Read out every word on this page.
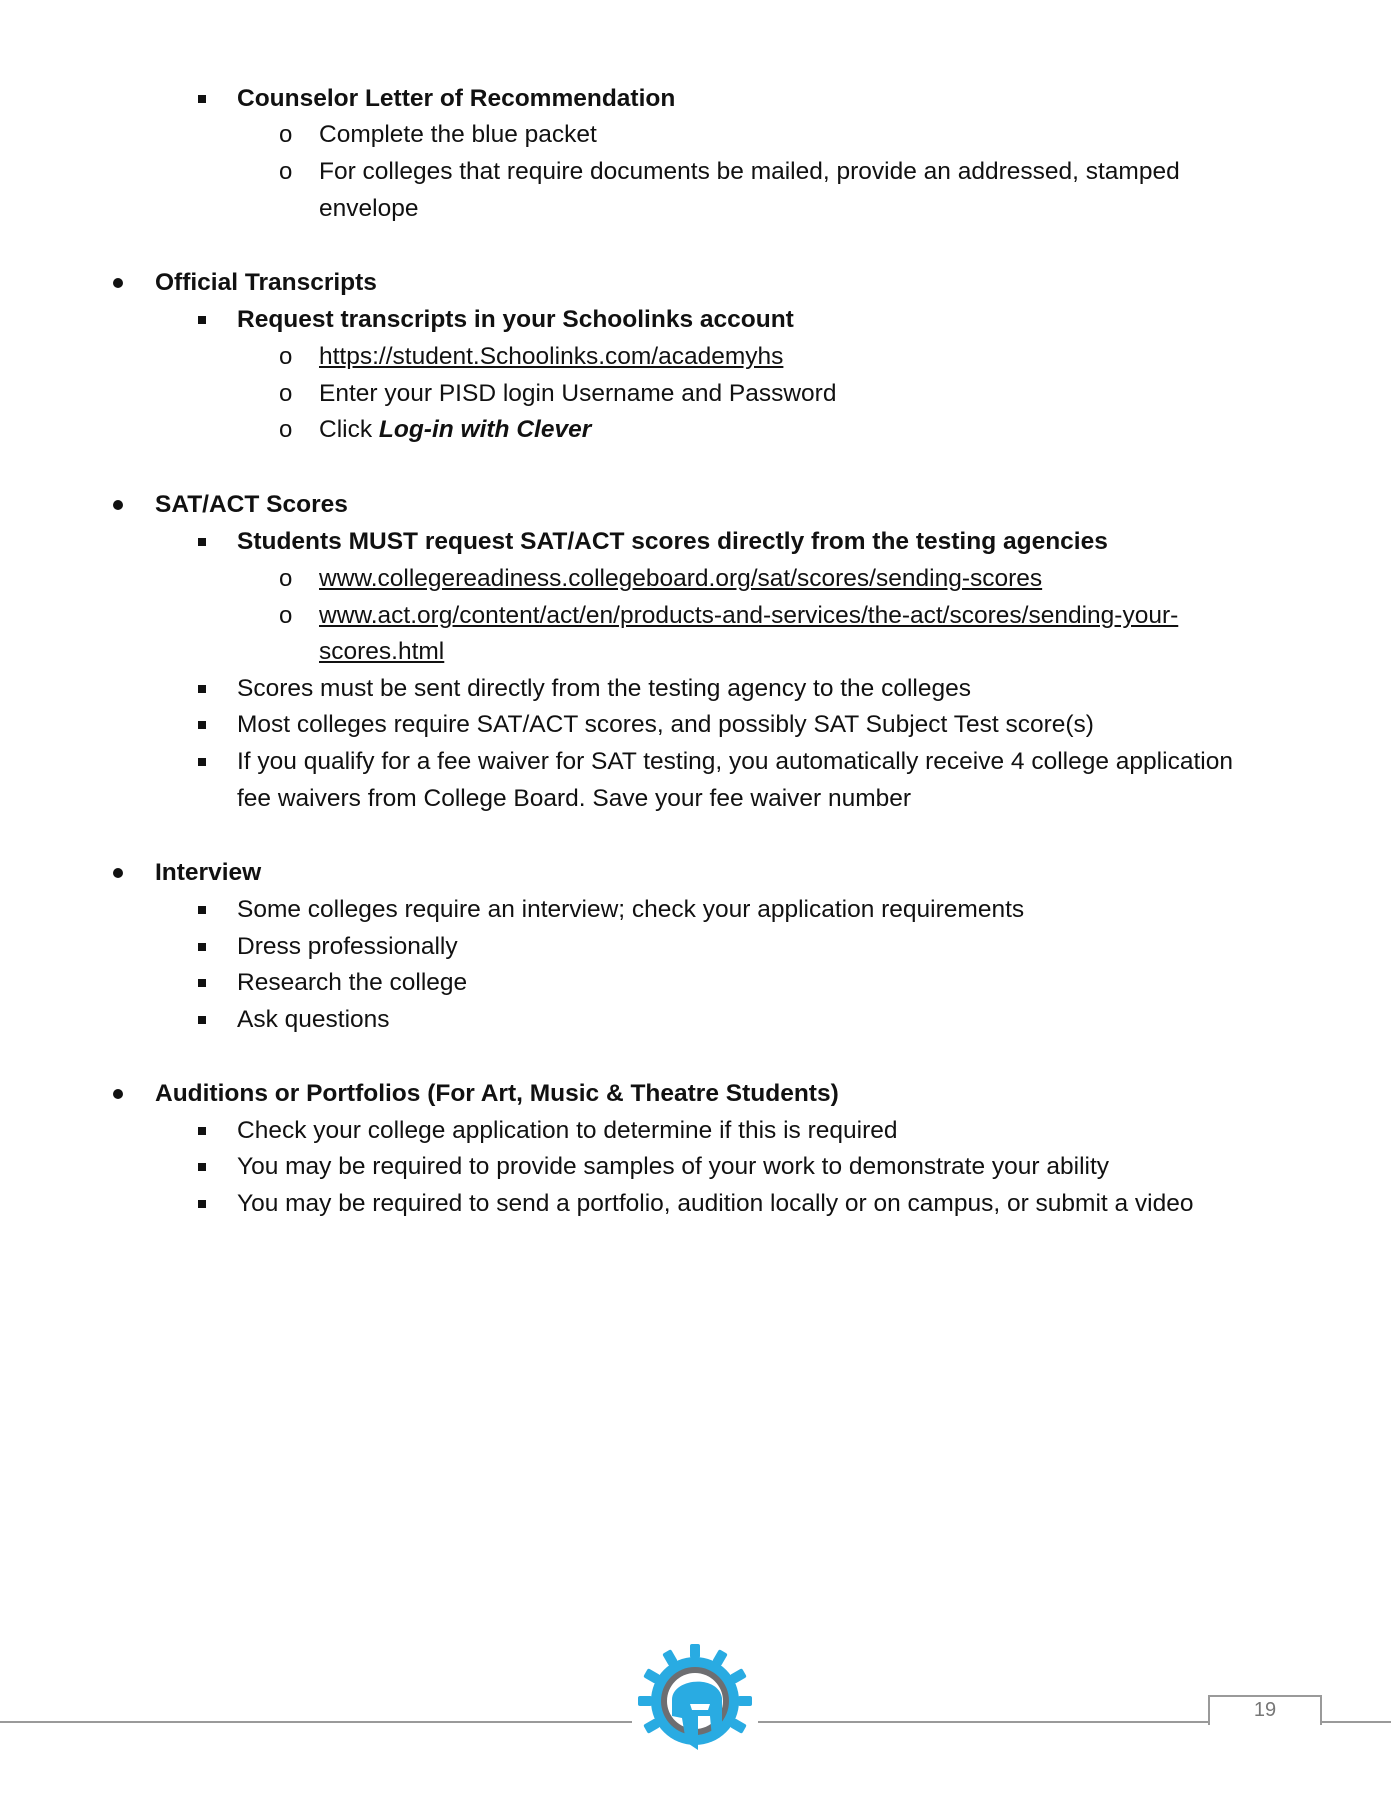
Counselor Letter of Recommendation
o Complete the blue packet
o For colleges that require documents be mailed, provide an addressed, stamped
envelope
Official Transcripts
Request transcripts in your Schoolinks account
o https://student.Schoolinks.com/academyhs
o Enter your PISD login Username and Password
o Click Log-in with Clever
SAT/ACT Scores
Students MUST request SAT/ACT scores directly from the testing agencies
o www.collegereadiness.collegeboard.org/sat/scores/sending-scores
o www.act.org/content/act/en/products-and-services/the-act/scores/sending-your-
scores.html
Scores must be sent directly from the testing agency to the colleges
Most colleges require SAT/ACT scores, and possibly SAT Subject Test score(s)
If you qualify for a fee waiver for SAT testing, you automatically receive 4 college application
fee waivers from College Board. Save your fee waiver number
Interview
Some colleges require an interview; check your application requirements
Dress professionally
Research the college
Ask questions
Auditions or Portfolios (For Art, Music & Theatre Students)
Check your college application to determine if this is required
You may be required to provide samples of your work to demonstrate your ability
You may be required to send a portfolio, audition locally or on campus, or submit a video
19
